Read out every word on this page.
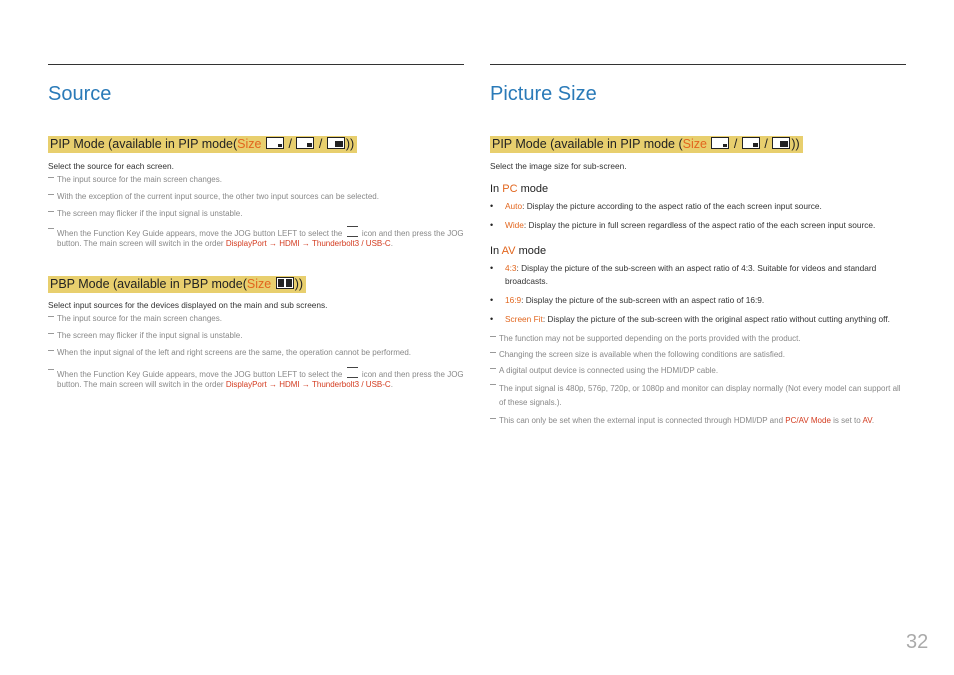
Source
PIP Mode (available in PIP mode(Size / / ))
Select the source for each screen.
The input source for the main screen changes.
With the exception of the current input source, the other two input sources can be selected.
The screen may flicker if the input signal is unstable.
When the Function Key Guide appears, move the JOG button LEFT to select the icon and then press the JOG button. The main screen will switch in the order DisplayPort → HDMI → Thunderbolt3 / USB-C.
PBP Mode (available in PBP mode(Size ))
Select input sources for the devices displayed on the main and sub screens.
The input source for the main screen changes.
The screen may flicker if the input signal is unstable.
When the input signal of the left and right screens are the same, the operation cannot be performed.
When the Function Key Guide appears, move the JOG button LEFT to select the icon and then press the JOG button. The main screen will switch in the order DisplayPort → HDMI → Thunderbolt3 / USB-C.
Picture Size
PIP Mode (available in PIP mode (Size / / ))
Select the image size for sub-screen.
In PC mode
•	Auto: Display the picture according to the aspect ratio of the each screen input source.
•	Wide: Display the picture in full screen regardless of the aspect ratio of the each screen input source.
In AV mode
•	4:3: Display the picture of the sub-screen with an aspect ratio of 4:3. Suitable for videos and standard broadcasts.
•	16:9: Display the picture of the sub-screen with an aspect ratio of 16:9.
•	Screen Fit: Display the picture of the sub-screen with the original aspect ratio without cutting anything off.
The function may not be supported depending on the ports provided with the product.
Changing the screen size is available when the following conditions are satisfied.
A digital output device is connected using the HDMI/DP cable.
The input signal is 480p, 576p, 720p, or 1080p and monitor can display normally (Not every model can support all of these signals.).
This can only be set when the external input is connected through HDMI/DP and PC/AV Mode is set to AV.
32
